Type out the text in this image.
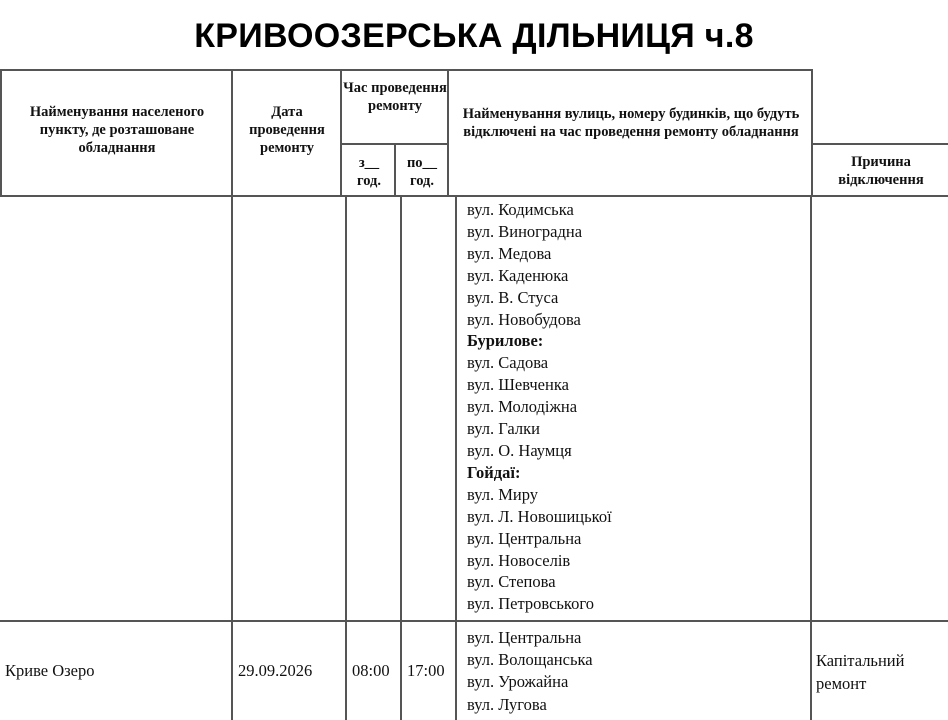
КРИВООЗЕРСЬКА ДІЛЬНИЦЯ ч.8
Найменування населеного пункту, де розташоване обладнання
Дата проведення ремонту
Час проведення ремонту
з__ год.
по__ год.
Найменування вулиць, номеру будинків, що будуть відключені на час проведення ремонту обладнання
Причина відключення
вул. Кодимська
вул. Виноградна
вул. Медова
вул. Каденюка
вул. В. Стуса
вул. Новобудова
Бурилове:
вул. Садова
вул. Шевченка
вул. Молодіжна
вул. Галки
вул. О. Наумця
Гойдаї:
вул. Миру
вул. Л. Новошицької
вул. Центральна
вул. Новоселів
вул. Степова
вул. Петровського
Криве Озеро	29.09.2026 08:00 17:00
Капітальний ремонт
вул. Центральна
вул. Волощанська
вул. Урожайна
вул. Лугова
